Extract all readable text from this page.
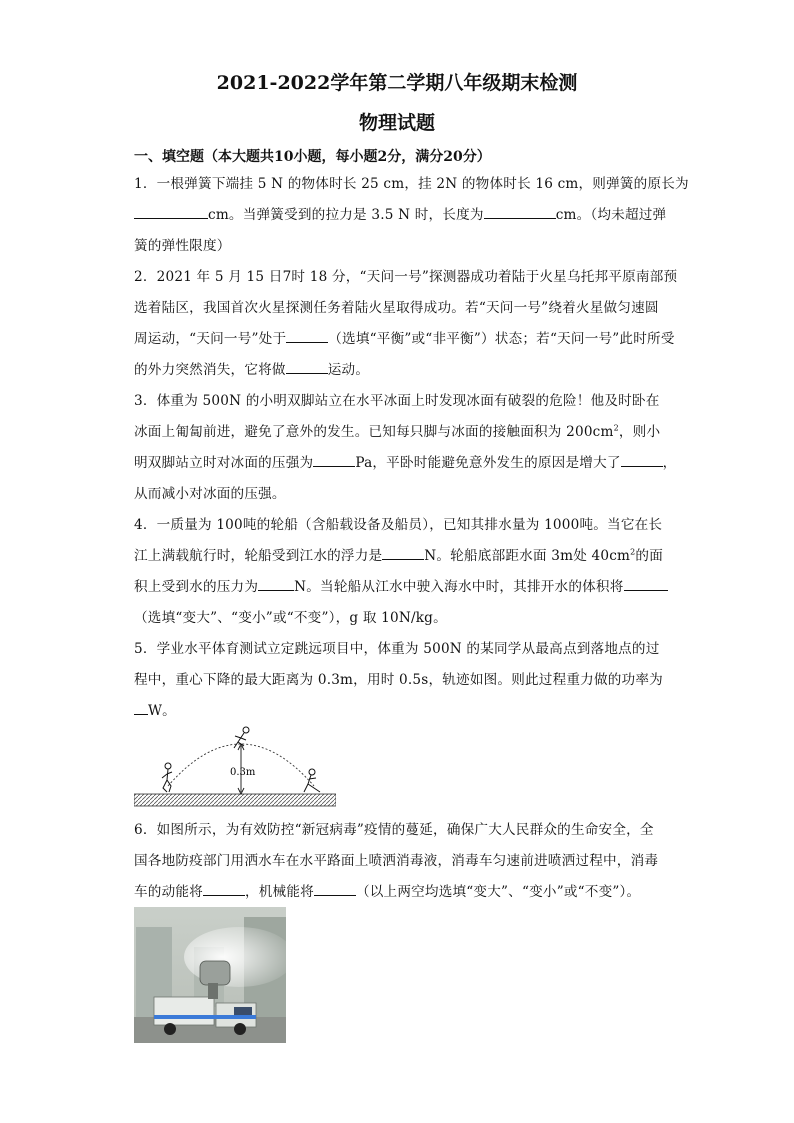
2021-2022学年第二学期八年级期末检测
物理试题
一、填空题（本大题共10小题，每小题2分，满分20分）
1．一根弹簧下端挂 5 N 的物体时长 25 cm，挂 2N 的物体时长 16 cm，则弹簧的原长为
cm。当弹簧受到的拉力是 3.5 N 时，长度为	cm。（均未超过弹
簧的弹性限度）
2．2021 年 5 月 15 日7时 18 分，“天问一号”探测器成功着陆于火星乌托邦平原南部预
选着陆区，我国首次火星探测任务着陆火星取得成功。若“天问一号”绕着火星做匀速圆
周运动，“天问一号”处于	（选填“平衡”或“非平衡”）状态；若“天问一号”此时所受
的外力突然消失，它将做	运动。
3．体重为 500N 的小明双脚站立在水平冰面上时发现冰面有破裂的危险！他及时卧在
冰面上匍匐前进，避免了意外的发生。已知每只脚与冰面的接触面积为 $200cm^2$，则小
明双脚站立时对冰面的压强为	Pa，平卧时能避免意外发生的原因是增大了	，
从而减小对冰面的压强。
4．一质量为 100吨的轮船（含船载设备及船员），已知其排水量为 1000吨。当它在长
江上满载航行时，轮船受到江水的浮力是	N。轮船底部距水面 3m处 $40cm^2$的面
积上受到水的压力为	N。当轮船从江水中驶入海水中时，其排开水的体积将
（选填“变大”、“变小”或“不变”），g 取 10N/kg。
5．学业水平体育测试立定跳远项目中，体重为 500N 的某同学从最高点到落地点的过
程中，重心下降的最大距离为 0.3m，用时 0.5s，轨迹如图。则此过程重力做的功率为
W。
0.3m
6．如图所示，为有效防控“新冠病毒”疫情的蔓延，确保广大人民群众的生命安全，全
国各地防疫部门用洒水车在水平路面上喷洒消毒液，消毒车匀速前进喷洒过程中，消毒
车的动能将	，机械能将	（以上两空均选填“变大”、“变小”或“不变”）。
